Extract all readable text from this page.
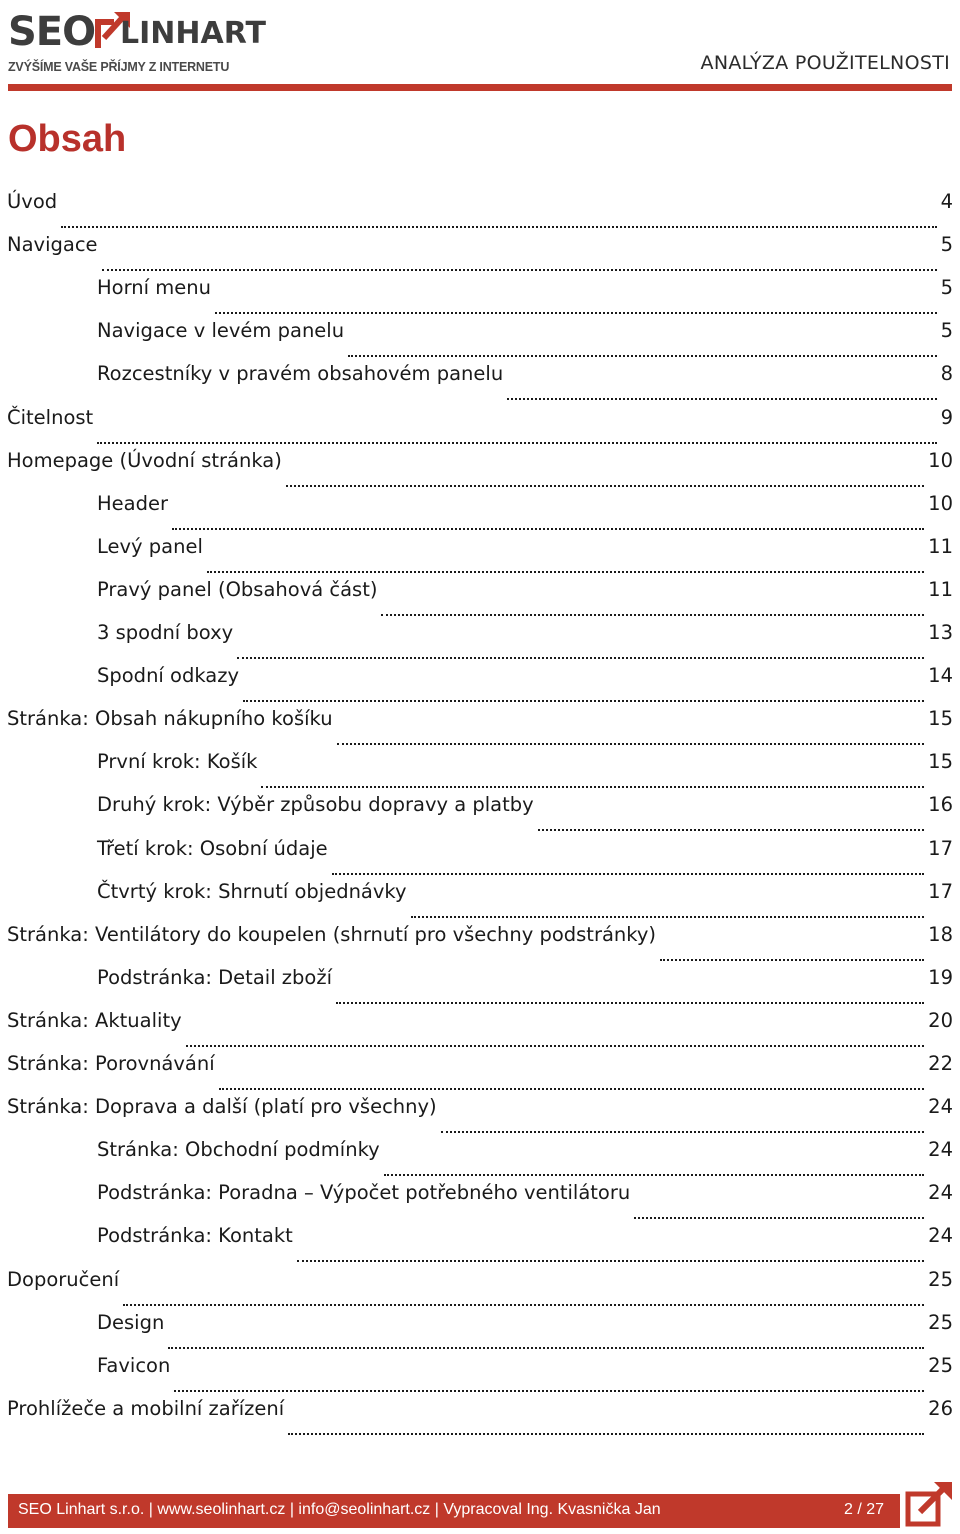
SEO LINHART
ZVÝŠÍME VAŠE PŘÍJMY Z INTERNETU	ANALÝZA POUŽITELNOSTI
Obsah
Úvod	4
Navigace	5
Horní menu	5
Navigace v levém panelu	5
Rozcestníky v pravém obsahovém panelu	8
Čitelnost	9
Homepage (Úvodní stránka)	10
Header	10
Levý panel	11
Pravý panel (Obsahová část)	11
3 spodní boxy	13
Spodní odkazy	14
Stránka: Obsah nákupního košíku	15
První krok: Košík	15
Druhý krok: Výběr způsobu dopravy a platby	16
Třetí krok: Osobní údaje	17
Čtvrtý krok: Shrnutí objednávky	17
Stránka: Ventilátory do koupelen (shrnutí pro všechny podstránky)	18
Podstránka: Detail zboží	19
Stránka: Aktuality	20
Stránka: Porovnávání	22
Stránka: Doprava a další (platí pro všechny)	24
Stránka: Obchodní podmínky	24
Podstránka: Poradna – Výpočet potřebného ventilátoru	24
Podstránka: Kontakt	24
Doporučení	25
Design	25
Favicon	25
Prohlížeče a mobilní zařízení	26
SEO Linhart s.r.o. | www.seolinhart.cz | info@seolinhart.cz | Vypracoval Ing. Kvasnička Jan	2 / 27
